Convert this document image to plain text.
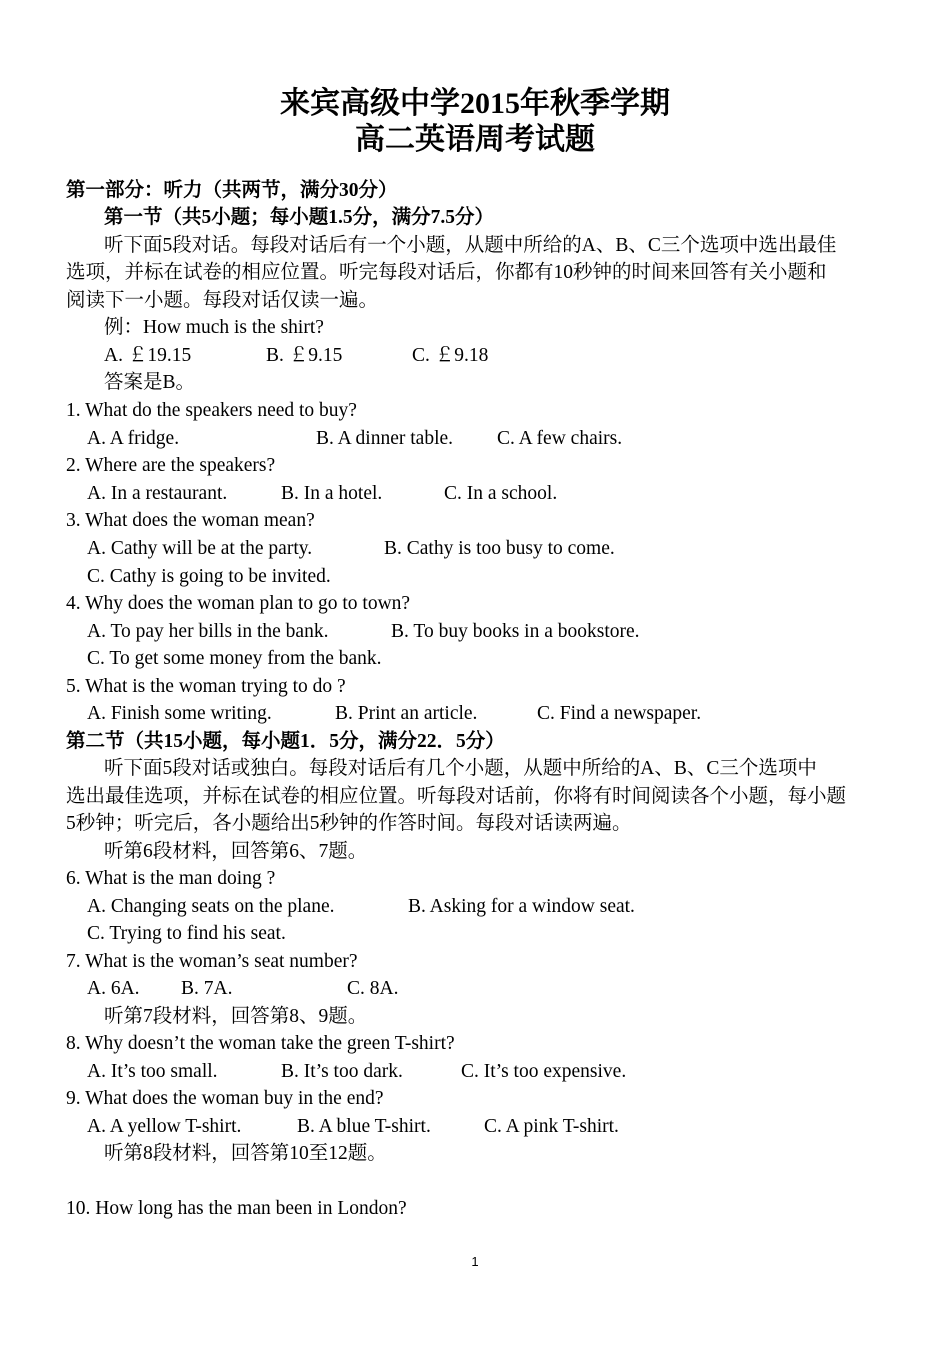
来宾高级中学2015年秋季学期
高二英语周考试题
第一部分：听力（共两节，满分30分）
第一节（共5小题；每小题1.5分，满分7.5分）
听下面5段对话。每段对话后有一个小题，从题中所给的A、B、C三个选项中选出最佳
选项，并标在试卷的相应位置。听完每段对话后，你都有10秒钟的时间来回答有关小题和
阅读下一小题。每段对话仅读一遍。
例：How much is the shirt?
A. ￡19.15	B. ￡9.15	C. ￡9.18
答案是B。
1. What do the speakers need to buy?
A. A fridge.	B. A dinner table. C. A few chairs.
2. Where are the speakers?
A. In a restaurant.	B. In a hotel.	C. In a school.
3. What does the woman mean?
A. Cathy will be at the party.	B. Cathy is too busy to come.
C. Cathy is going to be invited.
4. Why does the woman plan to go to town?
A. To pay her bills in the bank.	B. To buy books in a bookstore.
C. To get some money from the bank.
5. What is the woman trying to do ?
A. Finish some writing.	B. Print an article.	C. Find a newspaper.
第二节（共15小题，每小题1．5分，满分22．5分）
听下面5段对话或独白。每段对话后有几个小题，从题中所给的A、B、C三个选项中
选出最佳选项，并标在试卷的相应位置。听每段对话前，你将有时间阅读各个小题，每小题
5秒钟；听完后，各小题给出5秒钟的作答时间。每段对话读两遍。
听第6段材料，回答第6、7题。
6. What is the man doing ?
A. Changing seats on the plane.	B. Asking for a window seat.
C. Trying to find his seat.
7. What is the woman’s seat number?
A. 6A. B. 7A.	C. 8A.
听第7段材料，回答第8、9题。
8. Why doesn’t the woman take the green T-shirt?
A. It’s too small.	B. It’s too dark.	C. It’s too expensive.
9. What does the woman buy in the end?
A. A yellow T-shirt.	B. A blue T-shirt.	C. A pink T-shirt.
听第8段材料，回答第10至12题。
10. How long has the man been in London?
1
